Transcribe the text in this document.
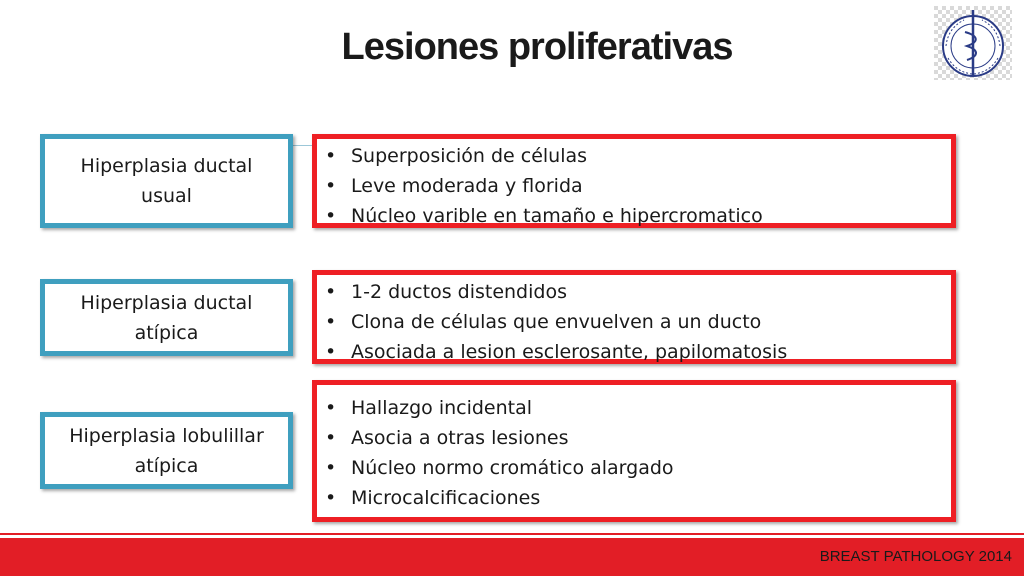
Lesiones proliferativas
Hiperplasia ductal
usual
• Superposición de células
• Leve moderada y florida
• Núcleo varible en tamaño e hipercromatico
Hiperplasia ductal
atípica
• 1-2 ductos distendidos
• Clona de células que envuelven a un ducto
• Asociada a lesion esclerosante, papilomatosis
Hiperplasia lobulillar
atípica
• Hallazgo incidental
• Asocia a otras lesiones
• Núcleo normo cromático alargado
• Microcalcificaciones
BREAST PATHOLOGY 2014
